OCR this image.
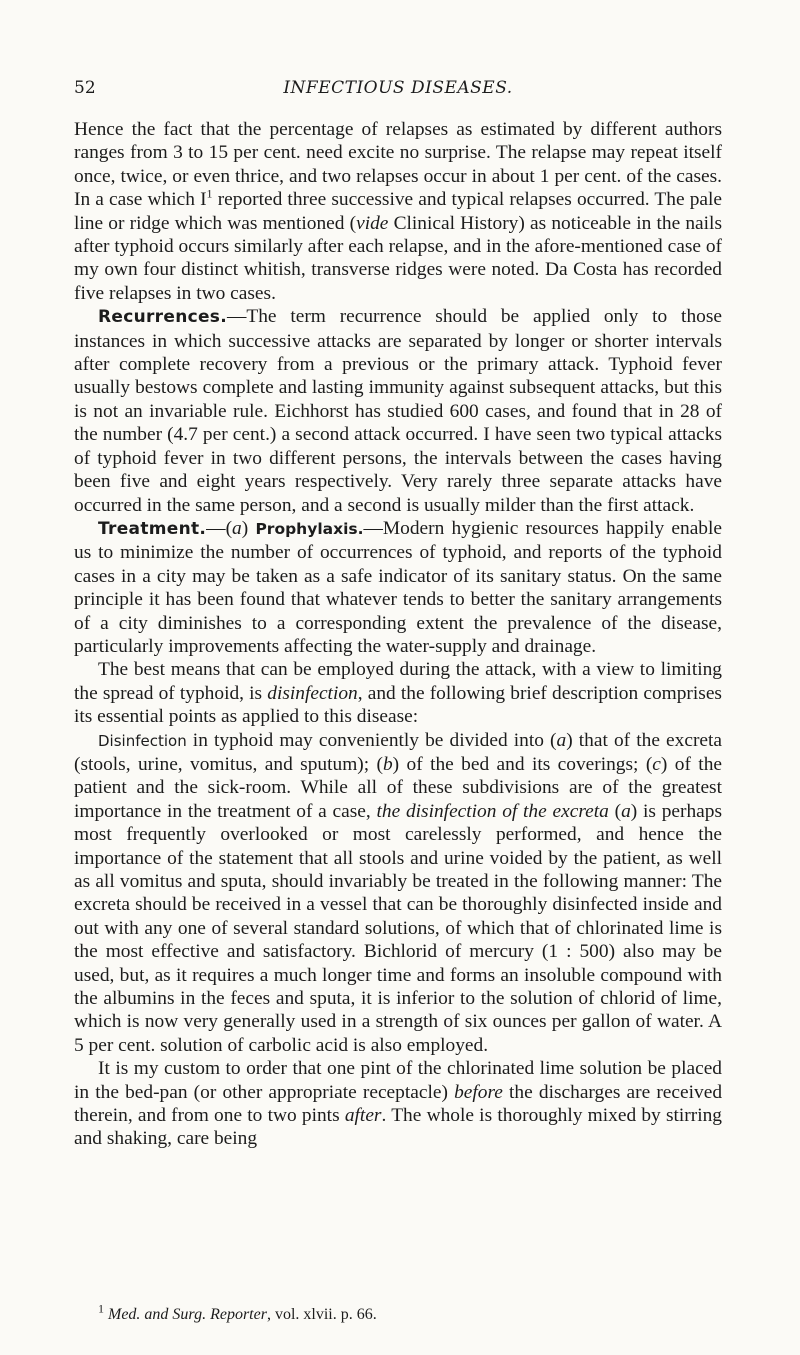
52	INFECTIOUS DISEASES.

Hence the fact that the percentage of relapses as estimated by different authors ranges from 3 to 15 per cent. need excite no surprise. The relapse may repeat itself once, twice, or even thrice, and two relapses occur in about 1 per cent. of the cases. In a case which $I^1$ reported three successive and typical relapses occurred. The pale line or ridge which was mentioned (vide Clinical History) as noticeable in the nails after typhoid occurs similarly after each relapse, and in the afore-mentioned case of my own four distinct whitish, transverse ridges were noted. Da Costa has recorded five relapses in two cases.

Recurrences.—The term recurrence should be applied only to those instances in which successive attacks are separated by longer or shorter intervals after complete recovery from a previous or the primary attack. Typhoid fever usually bestows complete and lasting immunity against subsequent attacks, but this is not an invariable rule. Eichhorst has studied 600 cases, and found that in 28 of the number (4.7 per cent.) a second attack occurred. I have seen two typical attacks of typhoid fever in two different persons, the intervals between the cases having been five and eight years respectively. Very rarely three separate attacks have occurred in the same person, and a second is usually milder than the first attack.

Treatment.—(a) Prophylaxis.—Modern hygienic resources happily enable us to minimize the number of occurrences of typhoid, and reports of the typhoid cases in a city may be taken as a safe indicator of its sanitary status. On the same principle it has been found that whatever tends to better the sanitary arrangements of a city diminishes to a corresponding extent the prevalence of the disease, particularly improvements affecting the water-supply and drainage.

The best means that can be employed during the attack, with a view to limiting the spread of typhoid, is disinfection, and the following brief description comprises its essential points as applied to this disease:

Disinfection in typhoid may conveniently be divided into (a) that of the excreta (stools, urine, vomitus, and sputum); (b) of the bed and its coverings; (c) of the patient and the sick-room. While all of these subdivisions are of the greatest importance in the treatment of a case, the disinfection of the excreta (a) is perhaps most frequently overlooked or most carelessly performed, and hence the importance of the statement that all stools and urine voided by the patient, as well as all vomitus and sputa, should invariably be treated in the following manner: The excreta should be received in a vessel that can be thoroughly disinfected inside and out with any one of several standard solutions, of which that of chlorinated lime is the most effective and satisfactory. Bichlorid of mercury (1 : 500) also may be used, but, as it requires a much longer time and forms an insoluble compound with the albumins in the feces and sputa, it is inferior to the solution of chlorid of lime, which is now very generally used in a strength of six ounces per gallon of water. A 5 per cent. solution of carbolic acid is also employed.

It is my custom to order that one pint of the chlorinated lime solution be placed in the bed-pan (or other appropriate receptacle) before the discharges are received therein, and from one to two pints after. The whole is thoroughly mixed by stirring and shaking, care being

$^1$ Med. and Surg. Reporter, vol. xlvii. p. 66.
